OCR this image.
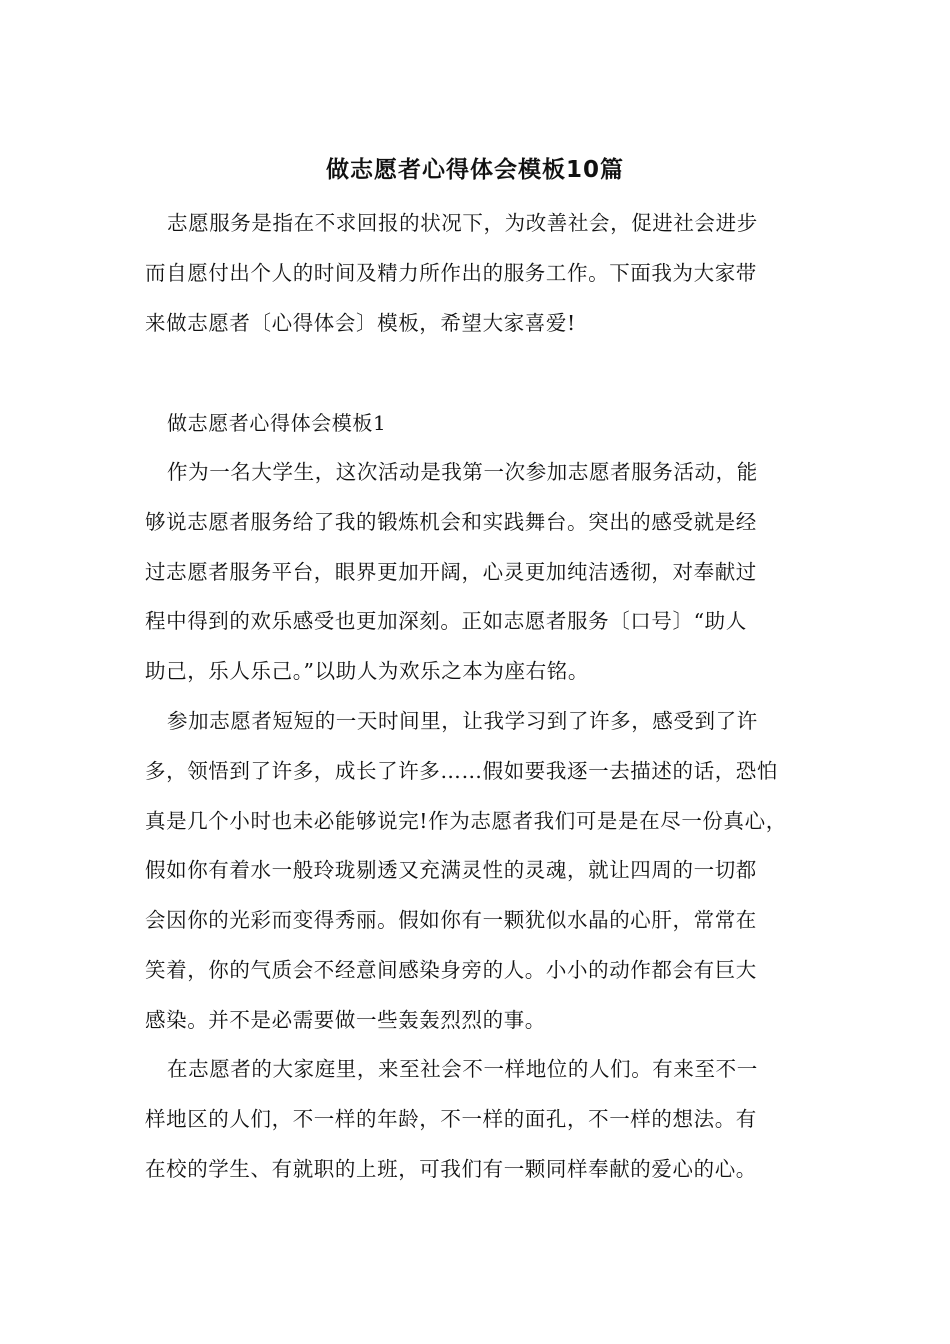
做志愿者心得体会模板10篇
志愿服务是指在不求回报的状况下，为改善社会，促进社会进步
而自愿付出个人的时间及精力所作出的服务工作。下面我为大家带
来做志愿者〔心得体会〕模板，希望大家喜爱!
做志愿者心得体会模板1
作为一名大学生，这次活动是我第一次参加志愿者服务活动，能
够说志愿者服务给了我的锻炼机会和实践舞台。突出的感受就是经
过志愿者服务平台，眼界更加开阔，心灵更加纯洁透彻，对奉献过
程中得到的欢乐感受也更加深刻。正如志愿者服务〔口号〕“助人
助己，乐人乐己。”以助人为欢乐之本为座右铭。
参加志愿者短短的一天时间里，让我学习到了许多，感受到了许
多，领悟到了许多，成长了许多……假如要我逐一去描述的话，恐怕
真是几个小时也未必能够说完!作为志愿者我们可是是在尽一份真心，
假如你有着水一般玲珑剔透又充满灵性的灵魂，就让四周的一切都
会因你的光彩而变得秀丽。假如你有一颗犹似水晶的心肝，常常在
笑着，你的气质会不经意间感染身旁的人。小小的动作都会有巨大
感染。并不是必需要做一些轰轰烈烈的事。
在志愿者的大家庭里，来至社会不一样地位的人们。有来至不一
样地区的人们，不一样的年龄，不一样的面孔，不一样的想法。有
在校的学生、有就职的上班，可我们有一颗同样奉献的爱心的心。
